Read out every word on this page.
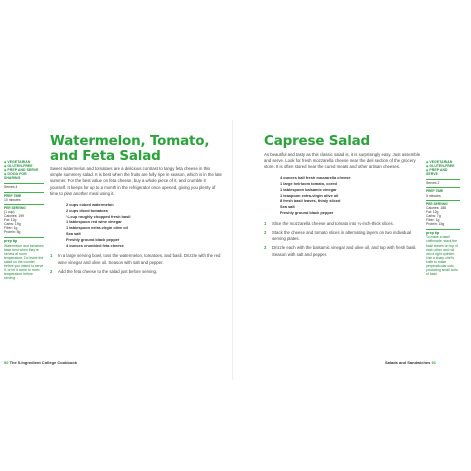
◆ VEGETARIAN
◆ GLUTEN-FREE
◆ PREP AND SERVE
◆ GOOD FOR SHARING
Serves 4
PREP TIME
10 minutes
PER SERVING
(1 cup)
Calories: 199
Fat: 12g
Carbs: 19g
Fiber: 1g
Protein: 5g
prep tip
Watermelon and tomatoes taste best when they're served at room temperature. Do leave the salad on the counter before you intend to serve it, or let it come to room temperature before serving.
Watermelon, Tomato, and Feta Salad

Sweet watermelon and tomatoes are a delicious contrast to tangy feta cheese in this simple summery salad. It is best when the fruits are fully ripe in season, which is in the late summer. For the best value on feta cheese, buy a whole piece of it, and crumble it yourself. It keeps for up to a month in the refrigerator once opened, giving you plenty of time to plan another meal using it.

2 cups cubed watermelon
2 cups diced tomatoes
¼ cup roughly chopped fresh basil
1 tablespoon red wine vinegar
1 tablespoon extra-virgin olive oil
Sea salt
Freshly ground black pepper
4 ounces crumbled feta cheese
1	In a large serving bowl, toss the watermelon, tomatoes, and basil. Drizzle with the red wine vinegar and olive oil. Season with salt and pepper.
2	Add the feta cheese to the salad just before serving.
Caprese Salad

As beautiful and tasty as this classic salad is, it is surprisingly easy. Just assemble and serve. Look for fresh mozzarella cheese near the deli section of the grocery store. It is often stored near the cured meats and other artisan cheeses.

4 ounces ball fresh mozzarella cheese
1 large heirloom tomato, cored
1 tablespoon balsamic vinegar
1 teaspoon extra-virgin olive oil
8 fresh basil leaves, thinly sliced
Sea salt
Freshly ground black pepper
1	Slice the mozzarella cheese and tomato into ¼-inch-thick slices.
2	Stack the cheese and tomato slices in alternating layers on two individual serving plates.
3	Drizzle each with the balsamic vinegar and olive oil, and top with fresh basil. Season with salt and pepper.
◆ VEGETARIAN
◆ GLUTEN-FREE
◆ PREP AND SERVE
Serves 2
PREP TIME
5 minutes
PER SERVING
Calories: 188
Fat: 12g
Carbs: 7g
Fiber: 1g
Protein: 15g
prep tip
To make a basil chiffonade, stack the basil leaves on top of each other and roll into a tight cylinder. Use a sharp chef's knife to make perpendicular cuts, producing small curls of basil.
90 The 5-Ingredient College Cookbook	Salads and Sandwiches 91
